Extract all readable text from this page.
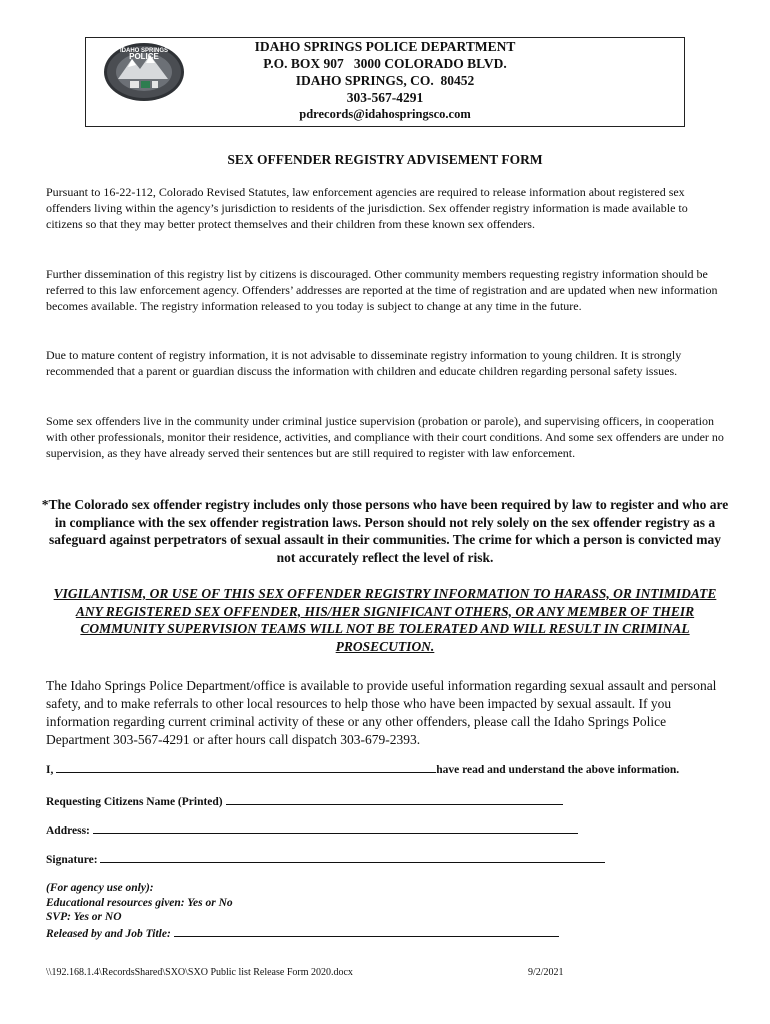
IDAHO SPRINGS
POLICE
IDAHO SPRINGS POLICE DEPARTMENT
P.O. BOX 907   3000 COLORADO BLVD.
IDAHO SPRINGS, CO.  80452
303-567-4291
pdrecords@idahospringsco.com
SEX OFFENDER REGISTRY ADVISEMENT FORM

Pursuant to 16-22-112, Colorado Revised Statutes, law enforcement agencies are required to release information about registered sex offenders living within the agency’s jurisdiction to residents of the jurisdiction. Sex offender registry information is made available to citizens so that they may better protect themselves and their children from these known sex offenders.

Further dissemination of this registry list by citizens is discouraged. Other community members requesting registry information should be referred to this law enforcement agency. Offenders’ addresses are reported at the time of registration and are updated when new information becomes available. The registry information released to you today is subject to change at any time in the future.

Due to mature content of registry information, it is not advisable to disseminate registry information to young children. It is strongly recommended that a parent or guardian discuss the information with children and educate children regarding personal safety issues.

Some sex offenders live in the community under criminal justice supervision (probation or parole), and supervising officers, in cooperation with other professionals, monitor their residence, activities, and compliance with their court conditions. And some sex offenders are under no supervision, as they have already served their sentences but are still required to register with law enforcement.

*The Colorado sex offender registry includes only those persons who have been required by law to register and who are in compliance with the sex offender registration laws. Person should not rely solely on the sex offender registry as a safeguard against perpetrators of sexual assault in their communities. The crime for which a person is convicted may not accurately reflect the level of risk.
VIGILANTISM, OR USE OF THIS SEX OFFENDER REGISTRY INFORMATION TO HARASS, OR INTIMIDATE ANY REGISTERED SEX OFFENDER, HIS/HER SIGNIFICANT OTHERS, OR ANY MEMBER OF THEIR COMMUNITY SUPERVISION TEAMS WILL NOT BE TOLERATED AND WILL RESULT IN CRIMINAL PROSECUTION.

The Idaho Springs Police Department/office is available to provide useful information regarding sexual assault and personal safety, and to make referrals to other local resources to help those who have been impacted by sexual assault. If you information regarding current criminal activity of these or any other offenders, please call the Idaho Springs Police Department 303-567-4291 or after hours call dispatch 303-679-2393.

I,	have read and understand the above information.
Requesting Citizens Name (Printed)
Address:
Signature:
(For agency use only):
Educational resources given: Yes or No
SVP: Yes or NO
Released by and Job Title:
\\192.168.1.4\RecordsShared\SXO\SXO Public list Release Form 2020.docx	9/2/2021
